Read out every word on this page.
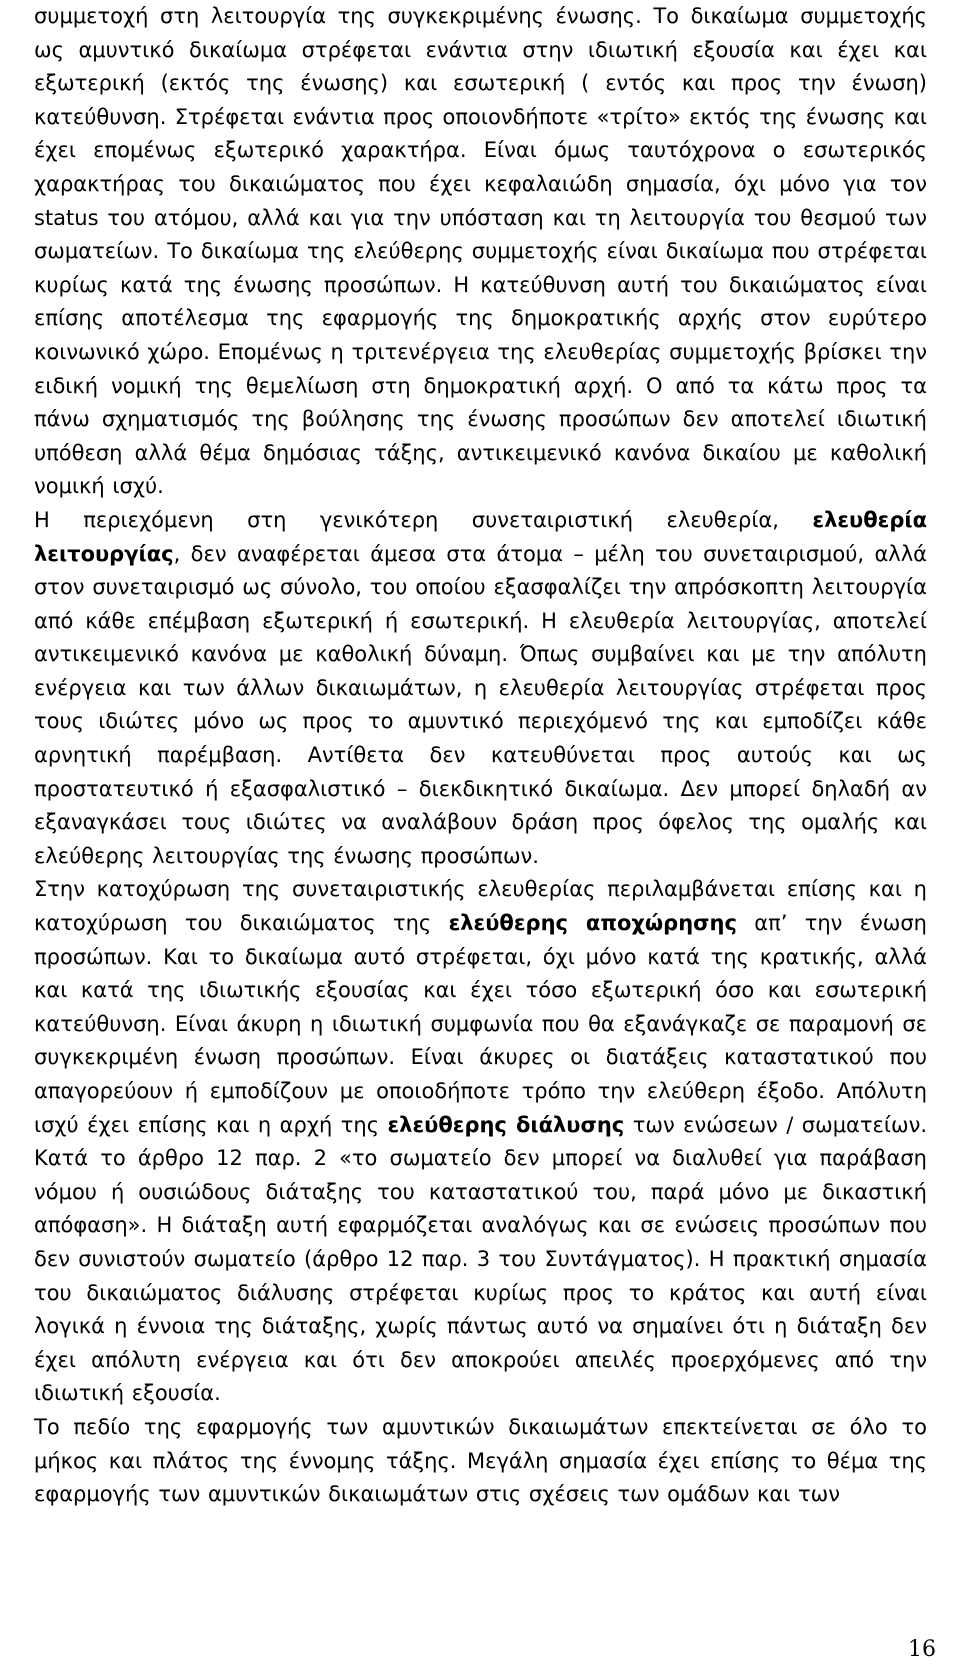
συμμετοχή στη λειτουργία της συγκεκριμένης ένωσης. Το δικαίωμα συμμετοχής ως αμυντικό δικαίωμα στρέφεται ενάντια στην ιδιωτική εξουσία και έχει και εξωτερική (εκτός της ένωσης) και εσωτερική ( εντός και προς την ένωση) κατεύθυνση. Στρέφεται ενάντια προς οποιονδήποτε «τρίτο» εκτός της ένωσης και έχει επομένως εξωτερικό χαρακτήρα. Είναι όμως ταυτόχρονα ο εσωτερικός χαρακτήρας του δικαιώματος που έχει κεφαλαιώδη σημασία, όχι μόνο για τον status του ατόμου, αλλά και για την υπόσταση και τη λειτουργία του θεσμού των σωματείων. Το δικαίωμα της ελεύθερης συμμετοχής είναι δικαίωμα που στρέφεται κυρίως κατά της ένωσης προσώπων. Η κατεύθυνση αυτή του δικαιώματος είναι επίσης αποτέλεσμα της εφαρμογής της δημοκρατικής αρχής στον ευρύτερο κοινωνικό χώρο. Επομένως η τριτενέργεια της ελευθερίας συμμετοχής βρίσκει την ειδική νομική της θεμελίωση στη δημοκρατική αρχή. Ο από τα κάτω προς τα πάνω σχηματισμός της βούλησης της ένωσης προσώπων δεν αποτελεί ιδιωτική υπόθεση αλλά θέμα δημόσιας τάξης, αντικειμενικό κανόνα δικαίου με καθολική νομική ισχύ.

Η περιεχόμενη στη γενικότερη συνεταιριστική ελευθερία, ελευθερία λειτουργίας, δεν αναφέρεται άμεσα στα άτομα – μέλη του συνεταιρισμού, αλλά στον συνεταιρισμό ως σύνολο, του οποίου εξασφαλίζει την απρόσκοπτη λειτουργία από κάθε επέμβαση εξωτερική ή εσωτερική. Η ελευθερία λειτουργίας, αποτελεί αντικειμενικό κανόνα με καθολική δύναμη. Όπως συμβαίνει και με την απόλυτη ενέργεια και των άλλων δικαιωμάτων, η ελευθερία λειτουργίας στρέφεται προς τους ιδιώτες μόνο ως προς το αμυντικό περιεχόμενό της και εμποδίζει κάθε αρνητική παρέμβαση. Αντίθετα δεν κατευθύνεται προς αυτούς και ως προστατευτικό ή εξασφαλιστικό – διεκδικητικό δικαίωμα. Δεν μπορεί δηλαδή αν εξαναγκάσει τους ιδιώτες να αναλάβουν δράση προς όφελος της ομαλής και ελεύθερης λειτουργίας της ένωσης προσώπων.

Στην κατοχύρωση της συνεταιριστικής ελευθερίας περιλαμβάνεται επίσης και η κατοχύρωση του δικαιώματος της ελεύθερης αποχώρησης απ’ την ένωση προσώπων. Και το δικαίωμα αυτό στρέφεται, όχι μόνο κατά της κρατικής, αλλά και κατά της ιδιωτικής εξουσίας και έχει τόσο εξωτερική όσο και εσωτερική κατεύθυνση. Είναι άκυρη η ιδιωτική συμφωνία που θα εξανάγκαζε σε παραμονή σε συγκεκριμένη ένωση προσώπων. Είναι άκυρες οι διατάξεις καταστατικού που απαγορεύουν ή εμποδίζουν με οποιοδήποτε τρόπο την ελεύθερη έξοδο. Απόλυτη ισχύ έχει επίσης και η αρχή της ελεύθερης διάλυσης των ενώσεων / σωματείων. Κατά το άρθρο 12 παρ. 2 «το σωματείο δεν μπορεί να διαλυθεί για παράβαση νόμου ή ουσιώδους διάταξης του καταστατικού του, παρά μόνο με δικαστική απόφαση». Η διάταξη αυτή εφαρμόζεται αναλόγως και σε ενώσεις προσώπων που δεν συνιστούν σωματείο (άρθρο 12 παρ. 3 του Συντάγματος). Η πρακτική σημασία του δικαιώματος διάλυσης στρέφεται κυρίως προς το κράτος και αυτή είναι λογικά η έννοια της διάταξης, χωρίς πάντως αυτό να σημαίνει ότι η διάταξη δεν έχει απόλυτη ενέργεια και ότι δεν αποκρούει απειλές προερχόμενες από την ιδιωτική εξουσία.

Το πεδίο της εφαρμογής των αμυντικών δικαιωμάτων επεκτείνεται σε όλο το μήκος και πλάτος της έννομης τάξης. Μεγάλη σημασία έχει επίσης το θέμα της εφαρμογής των αμυντικών δικαιωμάτων στις σχέσεις των ομάδων και των

16
